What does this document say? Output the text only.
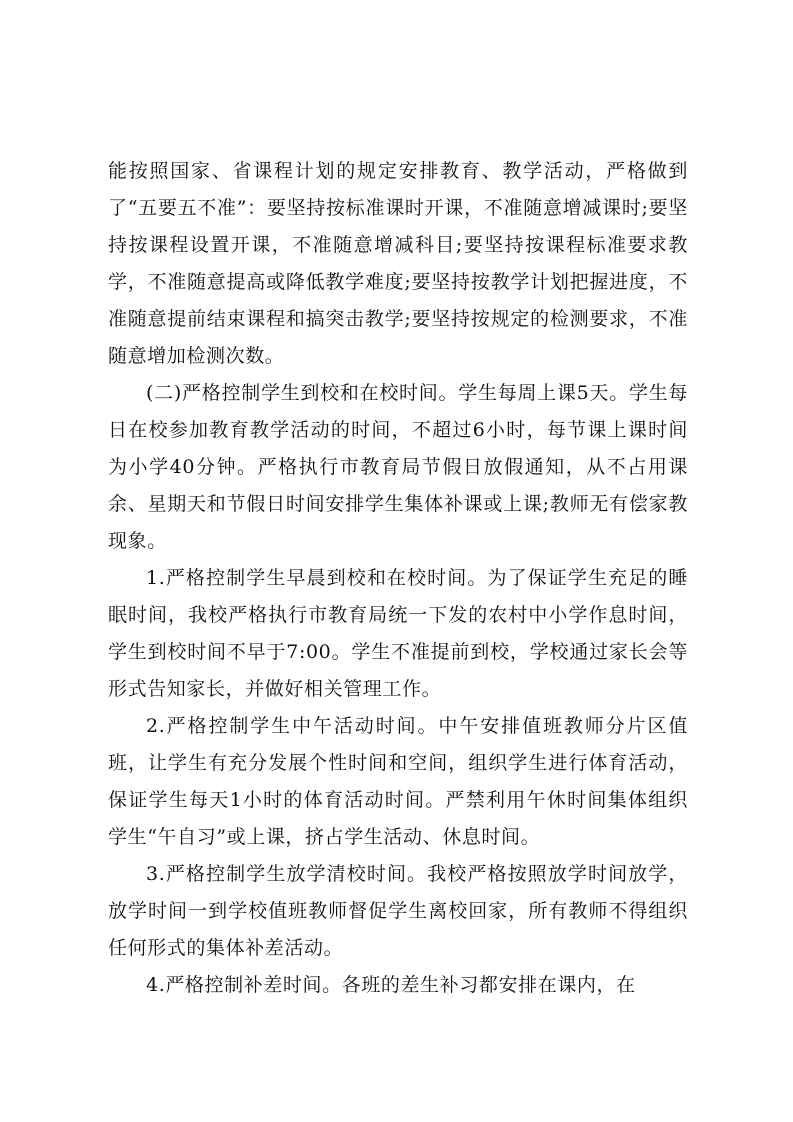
能按照国家、省课程计划的规定安排教育、教学活动，严格做到了“五要五不准”：要坚持按标准课时开课，不准随意增减课时;要坚持按课程设置开课，不准随意增减科目;要坚持按课程标准要求教学，不准随意提高或降低教学难度;要坚持按教学计划把握进度，不准随意提前结束课程和搞突击教学;要坚持按规定的检测要求，不准随意增加检测次数。

(二)严格控制学生到校和在校时间。学生每周上课5天。学生每日在校参加教育教学活动的时间，不超过6小时，每节课上课时间为小学40分钟。严格执行市教育局节假日放假通知，从不占用课余、星期天和节假日时间安排学生集体补课或上课;教师无有偿家教现象。

1.严格控制学生早晨到校和在校时间。为了保证学生充足的睡眠时间，我校严格执行市教育局统一下发的农村中小学作息时间，学生到校时间不早于7:00。学生不准提前到校，学校通过家长会等形式告知家长，并做好相关管理工作。

2.严格控制学生中午活动时间。中午安排值班教师分片区值班，让学生有充分发展个性时间和空间，组织学生进行体育活动，保证学生每天1小时的体育活动时间。严禁利用午休时间集体组织学生“午自习”或上课，挤占学生活动、休息时间。

3.严格控制学生放学清校时间。我校严格按照放学时间放学，放学时间一到学校值班教师督促学生离校回家，所有教师不得组织任何形式的集体补差活动。

4.严格控制补差时间。各班的差生补习都安排在课内，在
